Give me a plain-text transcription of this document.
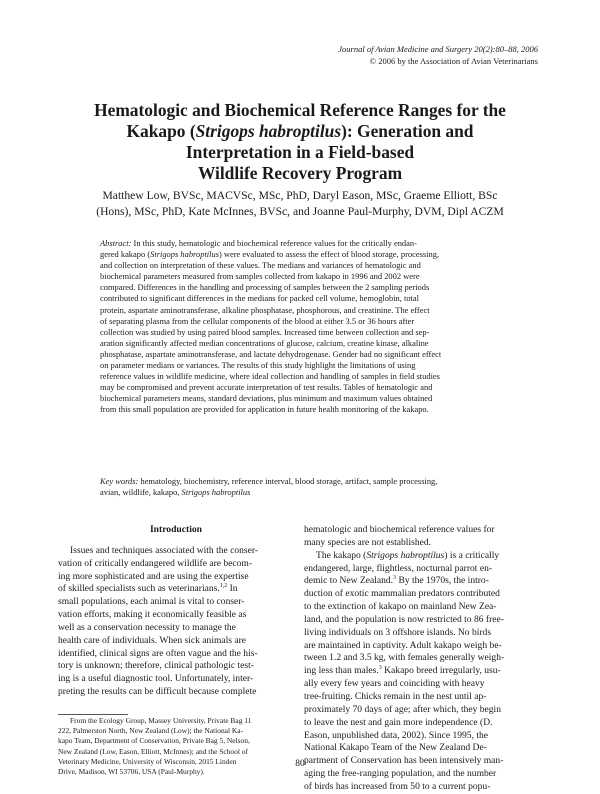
Journal of Avian Medicine and Surgery 20(2):80–88, 2006
© 2006 by the Association of Avian Veterinarians

Hematologic and Biochemical Reference Ranges for the

Kakapo (Strigops habroptilus): Generation and

Interpretation in a Field-based

Wildlife Recovery Program

Matthew Low, BVSc, MACVSc, MSc, PhD, Daryl Eason, MSc, Graeme Elliott, BSc

(Hons), MSc, PhD, Kate McInnes, BVSc, and Joanne Paul-Murphy, DVM, Dipl ACZM

Abstract: In this study, hematologic and biochemical reference values for the critically endan-

gered kakapo (Strigops habroptilus) were evaluated to assess the effect of blood storage, processing,

and collection on interpretation of these values. The medians and variances of hematologic and

biochemical parameters measured from samples collected from kakapo in 1996 and 2002 were

compared. Differences in the handling and processing of samples between the 2 sampling periods

contributed to significant differences in the medians for packed cell volume, hemoglobin, total

protein, aspartate aminotransferase, alkaline phosphatase, phosphorous, and creatinine. The effect

of separating plasma from the cellular components of the blood at either 3.5 or 36 hours after

collection was studied by using paired blood samples. Increased time between collection and sep-

aration significantly affected median concentrations of glucose, calcium, creatine kinase, alkaline

phosphatase, aspartate aminotransferase, and lactate dehydrogenase. Gender had no significant effect

on parameter medians or variances. The results of this study highlight the limitations of using

reference values in wildlife medicine, where ideal collection and handling of samples in field studies

may be compromised and prevent accurate interpretation of test results. Tables of hematologic and

biochemical parameters means, standard deviations, plus minimum and maximum values obtained

from this small population are provided for application in future health monitoring of the kakapo.

Key words: hematology, biochemistry, reference interval, blood storage, artifact, sample processing,

avian, wildlife, kakapo, Strigops habroptilus

Introduction

Issues and techniques associated with the conser-

vation of critically endangered wildlife are becom-

ing more sophisticated and are using the expertise

of skilled specialists such as veterinarians.$^{1,2}$ In

small populations, each animal is vital to conser-

vation efforts, making it economically feasible as

well as a conservation necessity to manage the

health care of individuals. When sick animals are

identified, clinical signs are often vague and the his-

tory is unknown; therefore, clinical pathologic test-

ing is a useful diagnostic tool. Unfortunately, inter-

preting the results can be difficult because complete

hematologic and biochemical reference values for

many species are not established.

The kakapo (Strigops habroptilus) is a critically

endangered, large, flightless, nocturnal parrot en-

demic to New Zealand.$^3$ By the 1970s, the intro-

duction of exotic mammalian predators contributed

to the extinction of kakapo on mainland New Zea-

land, and the population is now restricted to 86 free-

living individuals on 3 offshore islands. No birds

are maintained in captivity. Adult kakapo weigh be-

tween 1.2 and 3.5 kg, with females generally weigh-

ing less than males.$^3$ Kakapo breed irregularly, usu-

ally every few years and coinciding with heavy

tree-fruiting. Chicks remain in the nest until ap-

proximately 70 days of age; after which, they begin

to leave the nest and gain more independence (D.

Eason, unpublished data, 2002). Since 1995, the

National Kakapo Team of the New Zealand De-

partment of Conservation has been intensively man-

aging the free-ranging population, and the number

of birds has increased from 50 to a current popu-

From the Ecology Group, Massey University, Private Bag 11

222, Palmerston North, New Zealand (Low); the National Ka-

kapo Team, Department of Conservation, Private Bag 5, Nelson,

New Zealand (Low, Eason, Elliott, McInnes); and the School of

Veterinary Medicine, University of Wisconsin, 2015 Linden

Drive, Madison, WI 53706, USA (Paul-Murphy).

80
